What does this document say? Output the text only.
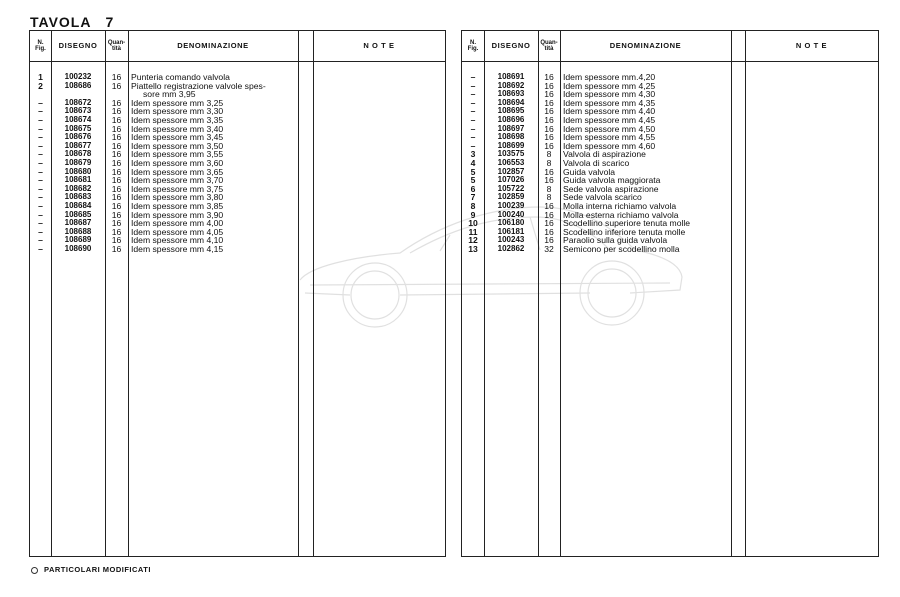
TAVOLA 7
N.
Fig.	DISEGNO	Quan-
tità	DENOMINAZIONE	N O T E
1	100232	16	Punteria comando valvola
2	108686	16	Piattello registrazione valvole spes-
sore mm 3,95
–	108672	16	Idem spessore mm 3,25
–	108673	16	Idem spessore mm 3,30
–	108674	16	Idem spessore mm 3,35
–	108675	16	Idem spessore mm 3,40
–	108676	16	Idem spessore mm 3,45
–	108677	16	Idem spessore mm 3,50
–	108678	16	Idem spessore mm 3,55
–	108679	16	Idem spessore mm 3,60
–	108680	16	Idem spessore mm 3,65
–	108681	16	Idem spessore mm 3,70
–	108682	16	Idem spessore mm 3,75
–	108683	16	Idem spessore mm 3,80
–	108684	16	Idem spessore mm 3,85
–	108685	16	Idem spessore mm 3,90
–	108687	16	Idem spessore mm 4,00
–	108688	16	Idem spessore mm 4,05
–	108689	16	Idem spessore mm 4,10
–	108690	16	Idem spessore mm 4,15
N.
Fig.	DISEGNO	Quan-
tità	DENOMINAZIONE	N O T E
–	108691	16	Idem spessore mm.4,20
–	108692	16	Idem spessore mm 4,25
–	108693	16	Idem spessore mm 4,30
–	108694	16	Idem spessore mm 4,35
–	108695	16	Idem spessore mm 4,40
–	108696	16	Idem spessore mm 4,45
–	108697	16	Idem spessore mm 4,50
–	108698	16	Idem spessore mm 4,55
–	108699	16	Idem spessore mm 4,60
3	103575	8	Valvola di aspirazione
4	106553	8	Valvola di scarico
5	102857	16	Guida valvola
5	107026	16	Guida valvola maggiorata
6	105722	8	Sede valvola aspirazione
7	102859	8	Sede valvola scarico
8	100239	16	Molla interna richiamo valvola
9	100240	16	Molla esterna richiamo valvola
10	106180	16	Scodellino superiore tenuta molle
11	106181	16	Scodellino inferiore tenuta molle
12	100243	16	Paraolio sulla guida valvola
13	102862	32	Semicono per scodellino molla
PARTICOLARI MODIFICATI
